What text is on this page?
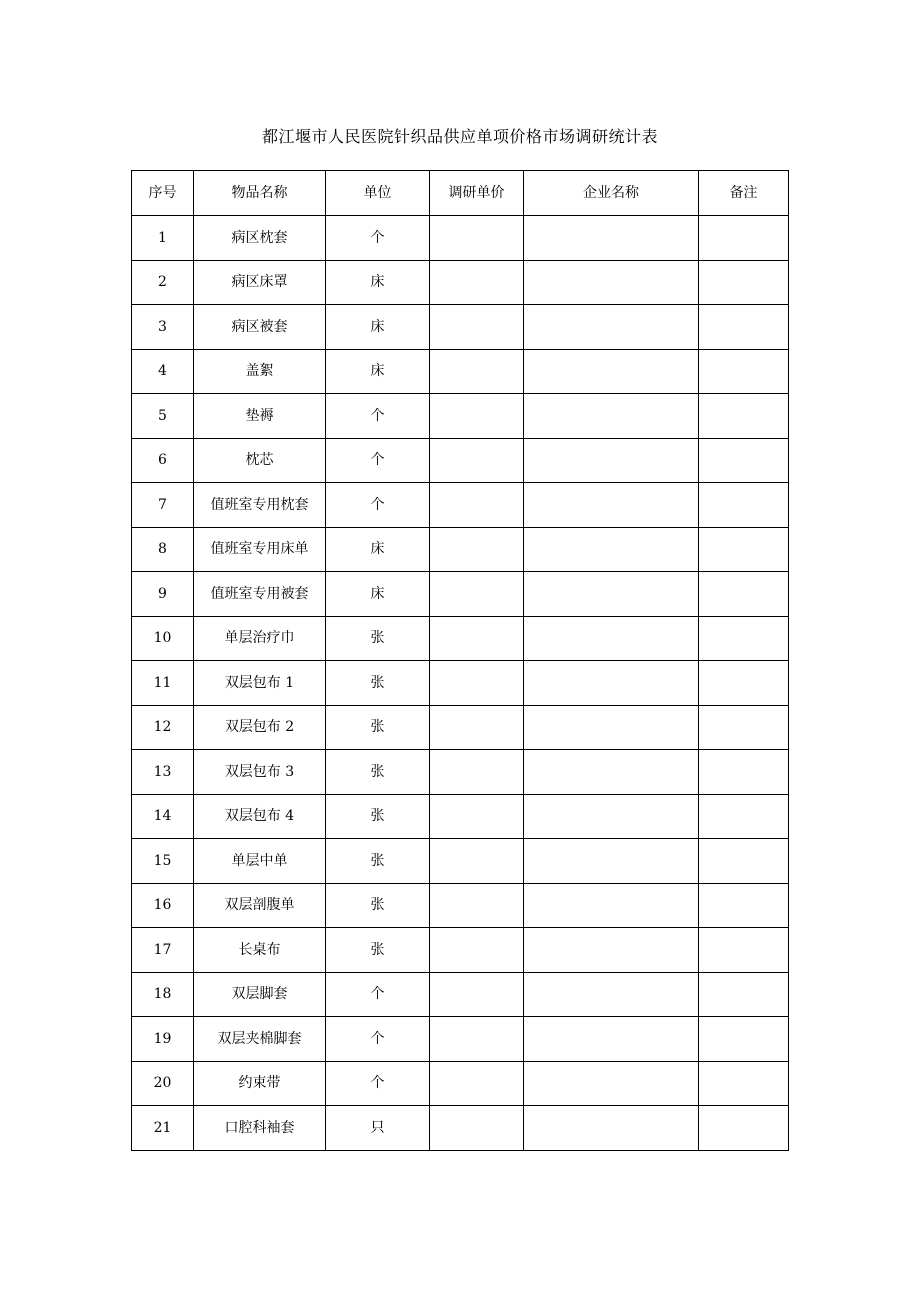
都江堰市人民医院针织品供应单项价格市场调研统计表
序号	物品名称	单位	调研单价	企业名称	备注
1	病区枕套	个			
2	病区床罩	床			
3	病区被套	床			
4	盖絮	床			
5	垫褥	个			
6	枕芯	个			
7	值班室专用枕套	个			
8	值班室专用床单	床			
9	值班室专用被套	床			
10	单层治疗巾	张			
11	双层包布 1	张			
12	双层包布 2	张			
13	双层包布 3	张			
14	双层包布 4	张			
15	单层中单	张			
16	双层剖腹单	张			
17	长桌布	张			
18	双层脚套	个			
19	双层夹棉脚套	个			
20	约束带	个			
21	口腔科袖套	只			
